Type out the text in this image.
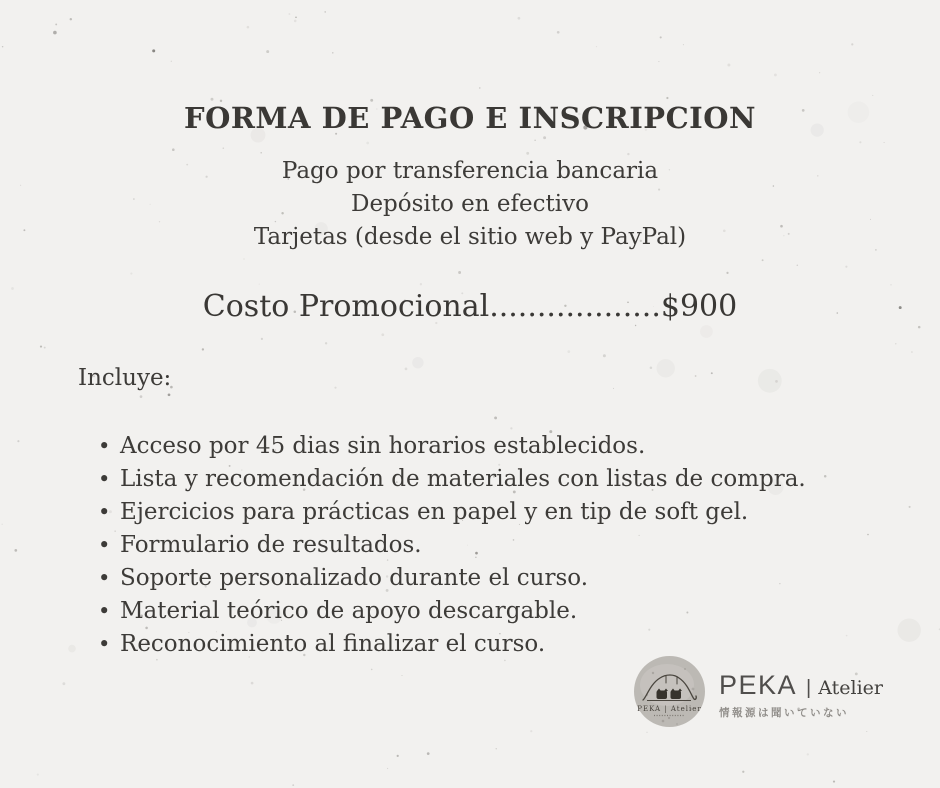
FORMA DE PAGO E INSCRIPCION
Pago por transferencia bancaria
Depósito en efectivo
Tarjetas (desde el sitio web y PayPal)
Costo Promocional..................$900
Incluye:
• Acceso por 45 dias sin horarios establecidos.
• Lista y recomendación de materiales con listas de compra.
• Ejercicios para prácticas en papel y en tip de soft gel.
• Formulario de resultados.
• Soporte personalizado durante el curso.
• Material teórico de apoyo descargable.
• Reconocimiento al finalizar el curso.
PEKA | Atelier
PEKA | Atelier
情報源は聞いていない
